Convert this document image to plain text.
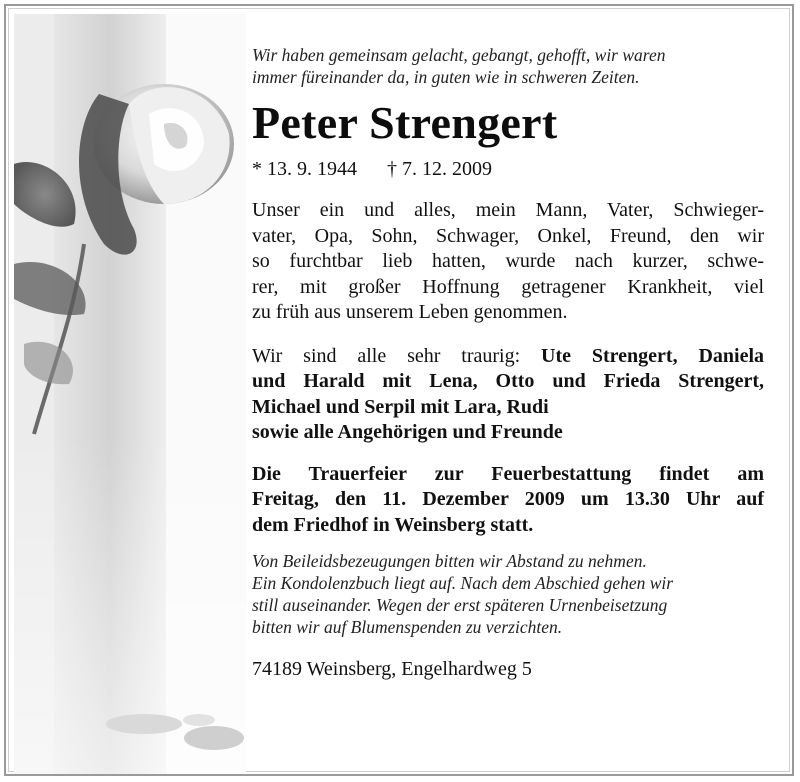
Wir haben gemeinsam gelacht, gebangt, gehofft, wir waren
immer füreinander da, in guten wie in schweren Zeiten.

Peter Strengert

* 13. 9. 1944 † 7. 12. 2009

Unser ein und alles, mein Mann, Vater, Schwieger-
vater, Opa, Sohn, Schwager, Onkel, Freund, den wir
so furchtbar lieb hatten, wurde nach kurzer, schwe-
rer, mit großer Hoffnung getragener Krankheit, viel
zu früh aus unserem Leben genommen.

Wir sind alle sehr traurig: Ute Strengert, Daniela
und Harald mit Lena, Otto und Frieda Strengert,
Michael und Serpil mit Lara, Rudi
sowie alle Angehörigen und Freunde

Die Trauerfeier zur Feuerbestattung findet am
Freitag, den 11. Dezember 2009 um 13.30 Uhr auf
dem Friedhof in Weinsberg statt.

Von Beileidsbezeugungen bitten wir Abstand zu nehmen.
Ein Kondolenzbuch liegt auf. Nach dem Abschied gehen wir
still auseinander. Wegen der erst späteren Urnenbeisetzung
bitten wir auf Blumenspenden zu verzichten.

74189 Weinsberg, Engelhardweg 5
